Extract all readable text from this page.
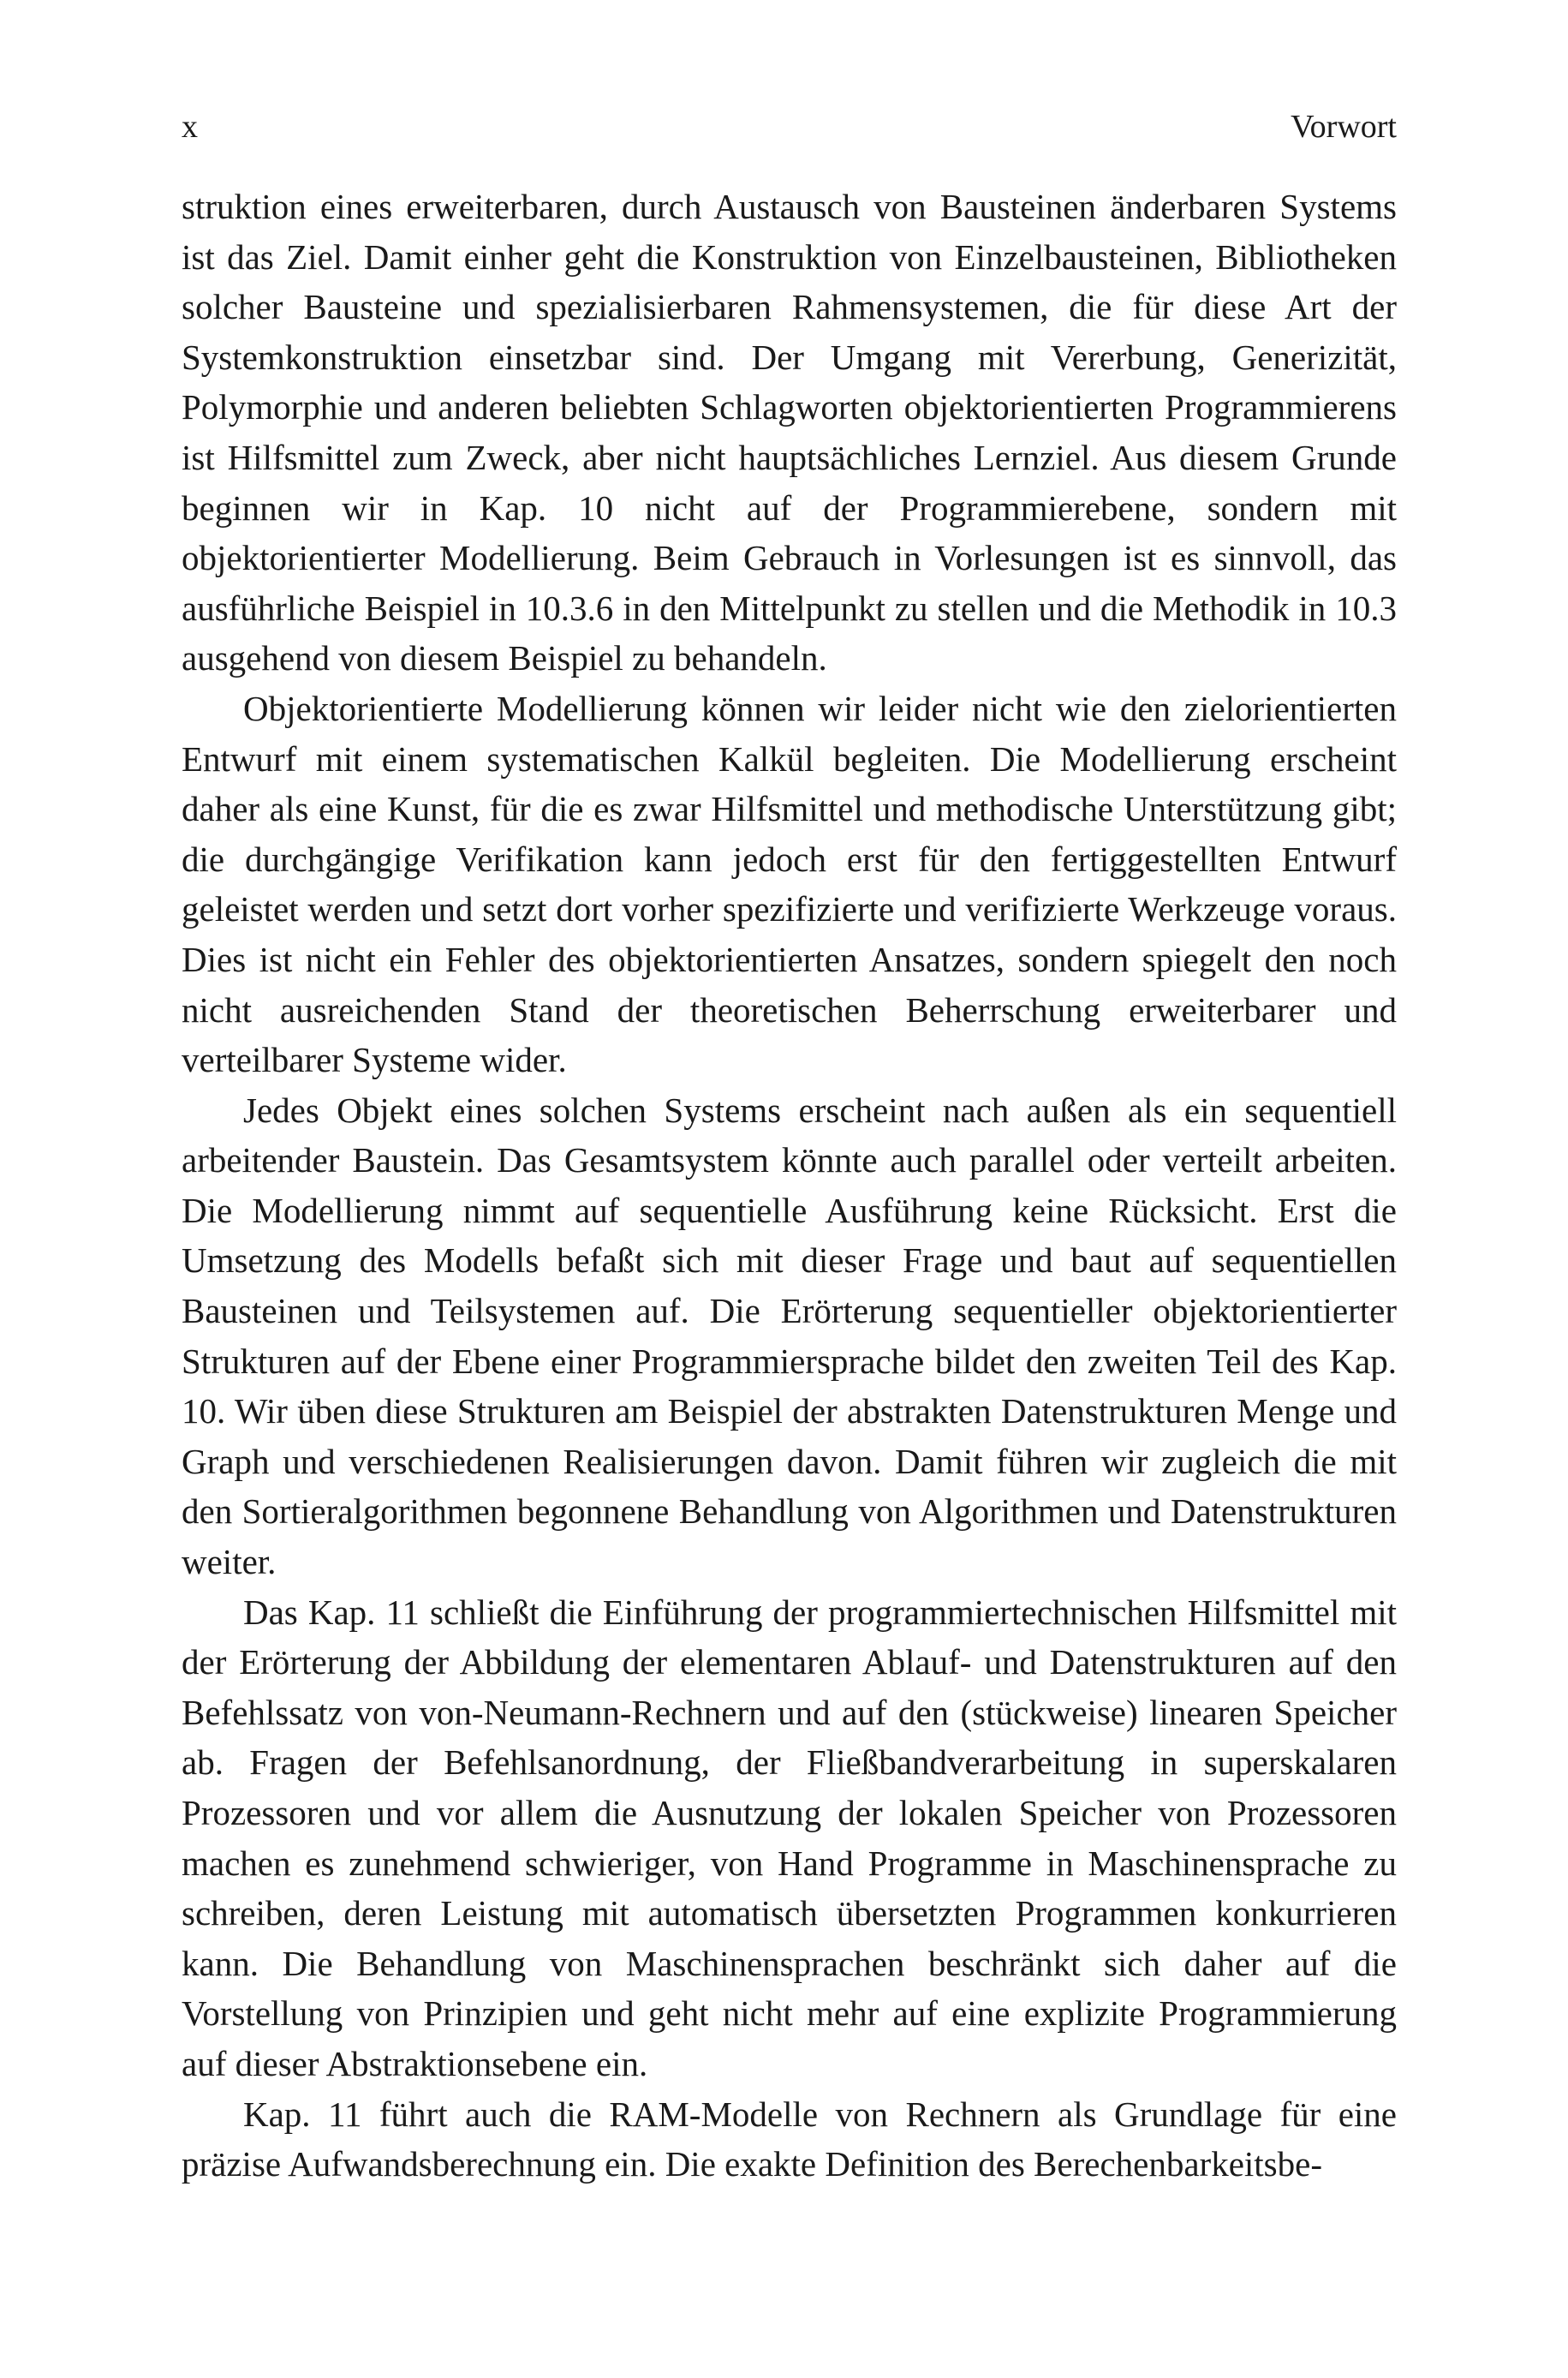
x	Vorwort

struktion eines erweiterbaren, durch Austausch von Bausteinen änderbaren Systems ist das Ziel. Damit einher geht die Konstruktion von Einzelbausteinen, Bibliotheken solcher Bausteine und spezialisierbaren Rahmensystemen, die für diese Art der Systemkonstruktion einsetzbar sind. Der Umgang mit Vererbung, Generizität, Polymorphie und anderen beliebten Schlagworten objektorientierten Programmierens ist Hilfsmittel zum Zweck, aber nicht hauptsächliches Lernziel. Aus diesem Grunde beginnen wir in Kap. 10 nicht auf der Programmierebene, sondern mit objektorientierter Modellierung. Beim Gebrauch in Vorlesungen ist es sinnvoll, das ausführliche Beispiel in 10.3.6 in den Mittelpunkt zu stellen und die Methodik in 10.3 ausgehend von diesem Beispiel zu behandeln.

Objektorientierte Modellierung können wir leider nicht wie den zielorientierten Entwurf mit einem systematischen Kalkül begleiten. Die Modellierung erscheint daher als eine Kunst, für die es zwar Hilfsmittel und methodische Unterstützung gibt; die durchgängige Verifikation kann jedoch erst für den fertiggestellten Entwurf geleistet werden und setzt dort vorher spezifizierte und verifizierte Werkzeuge voraus. Dies ist nicht ein Fehler des objektorientierten Ansatzes, sondern spiegelt den noch nicht ausreichenden Stand der theoretischen Beherrschung erweiterbarer und verteilbarer Systeme wider.

Jedes Objekt eines solchen Systems erscheint nach außen als ein sequentiell arbeitender Baustein. Das Gesamtsystem könnte auch parallel oder verteilt arbeiten. Die Modellierung nimmt auf sequentielle Ausführung keine Rücksicht. Erst die Umsetzung des Modells befaßt sich mit dieser Frage und baut auf sequentiellen Bausteinen und Teilsystemen auf. Die Erörterung sequentieller objektorientierter Strukturen auf der Ebene einer Programmiersprache bildet den zweiten Teil des Kap. 10. Wir üben diese Strukturen am Beispiel der abstrakten Datenstrukturen Menge und Graph und verschiedenen Realisierungen davon. Damit führen wir zugleich die mit den Sortieralgorithmen begonnene Behandlung von Algorithmen und Datenstrukturen weiter.

Das Kap. 11 schließt die Einführung der programmiertechnischen Hilfsmittel mit der Erörterung der Abbildung der elementaren Ablauf- und Datenstrukturen auf den Befehlssatz von von-Neumann-Rechnern und auf den (stückweise) linearen Speicher ab. Fragen der Befehlsanordnung, der Fließbandverarbeitung in superskalaren Prozessoren und vor allem die Ausnutzung der lokalen Speicher von Prozessoren machen es zunehmend schwieriger, von Hand Programme in Maschinensprache zu schreiben, deren Leistung mit automatisch übersetzten Programmen konkurrieren kann. Die Behandlung von Maschinensprachen beschränkt sich daher auf die Vorstellung von Prinzipien und geht nicht mehr auf eine explizite Programmierung auf dieser Abstraktionsebene ein.

Kap. 11 führt auch die RAM-Modelle von Rechnern als Grundlage für eine präzise Aufwandsberechnung ein. Die exakte Definition des Berechenbarkeitsbe-
